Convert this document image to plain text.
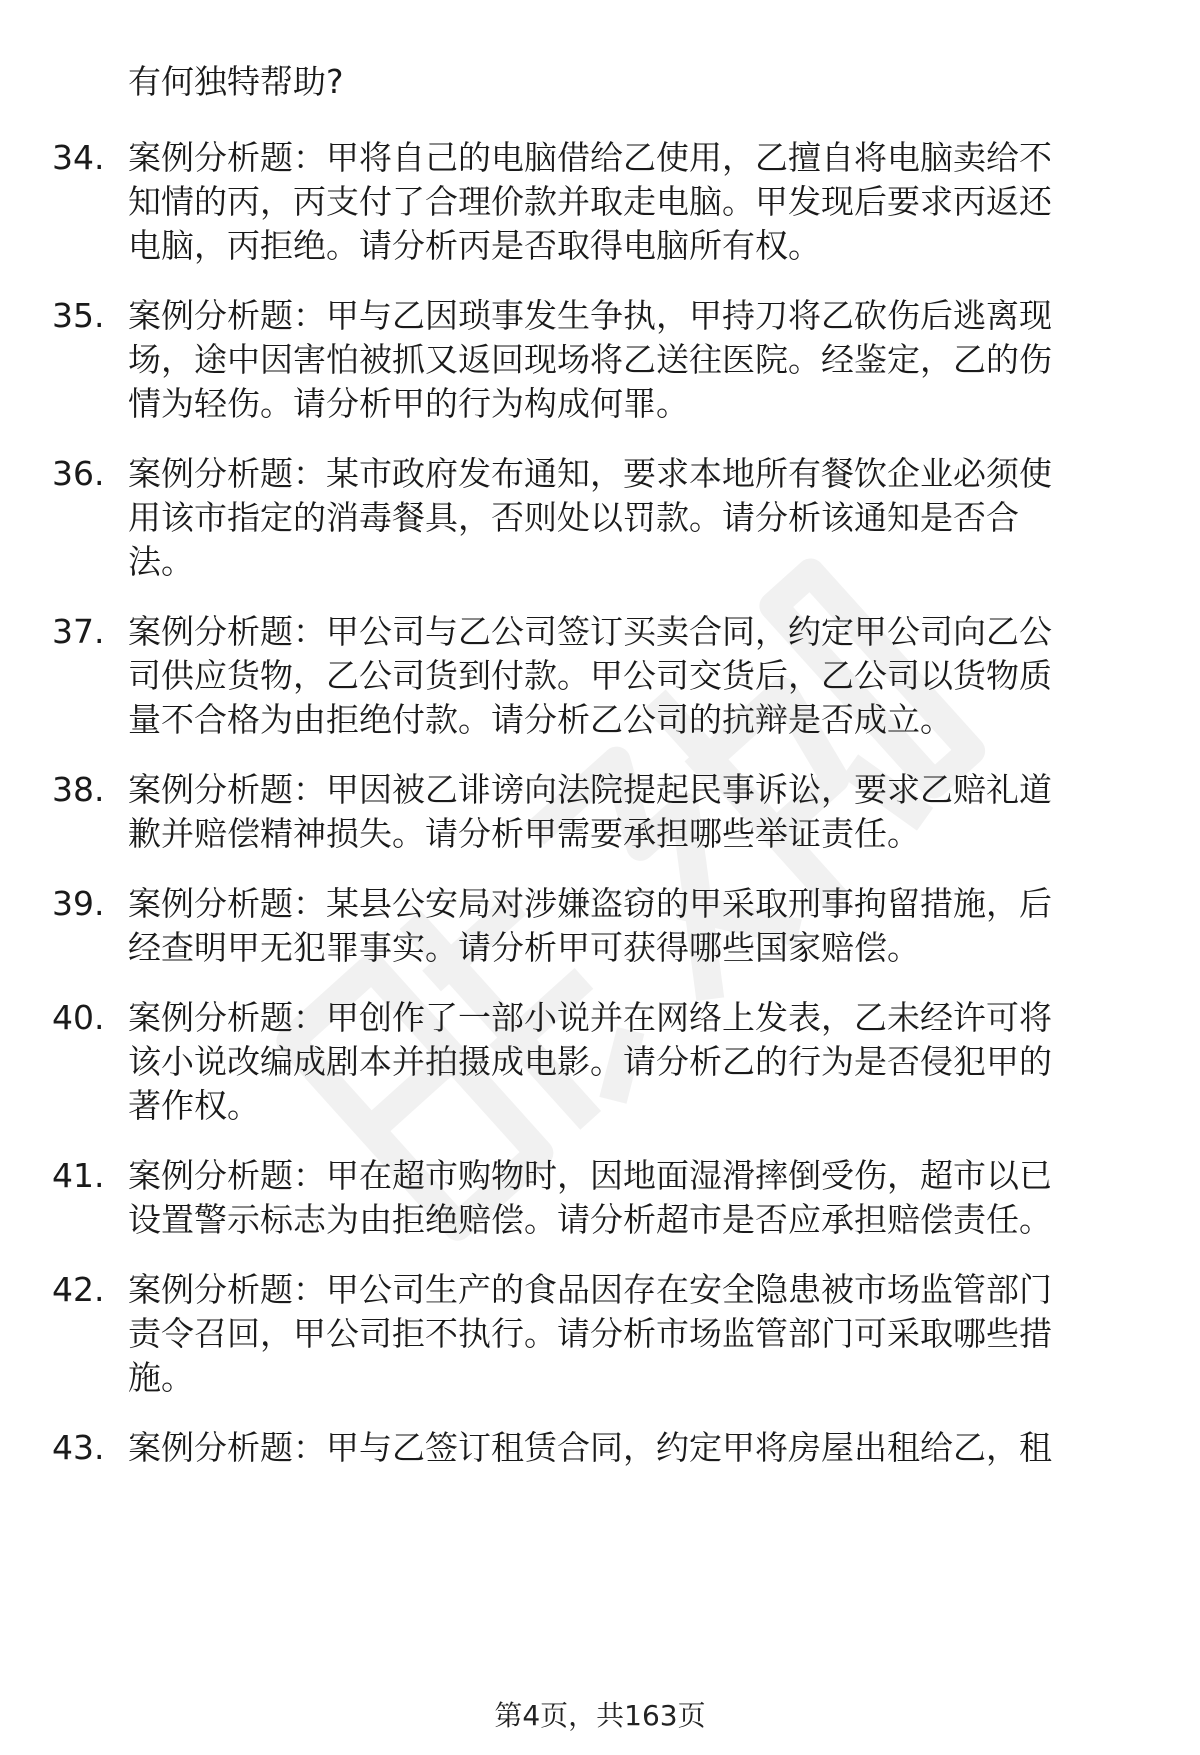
有何独特帮助?
34. 案例分析题：甲将自己的电脑借给乙使用，乙擅自将电脑卖给不
知情的丙，丙支付了合理价款并取走电脑。甲发现后要求丙返还
电脑，丙拒绝。请分析丙是否取得电脑所有权。
35. 案例分析题：甲与乙因琐事发生争执，甲持刀将乙砍伤后逃离现
场，途中因害怕被抓又返回现场将乙送往医院。经鉴定，乙的伤
情为轻伤。请分析甲的行为构成何罪。
36. 案例分析题：某市政府发布通知，要求本地所有餐饮企业必须使
用该市指定的消毒餐具，否则处以罚款。请分析该通知是否合
法。
37. 案例分析题：甲公司与乙公司签订买卖合同，约定甲公司向乙公
司供应货物，乙公司货到付款。甲公司交货后，乙公司以货物质
量不合格为由拒绝付款。请分析乙公司的抗辩是否成立。
38. 案例分析题：甲因被乙诽谤向法院提起民事诉讼，要求乙赔礼道
歉并赔偿精神损失。请分析甲需要承担哪些举证责任。
39. 案例分析题：某县公安局对涉嫌盗窃的甲采取刑事拘留措施，后
经查明甲无犯罪事实。请分析甲可获得哪些国家赔偿。
40. 案例分析题：甲创作了一部小说并在网络上发表，乙未经许可将
该小说改编成剧本并拍摄成电影。请分析乙的行为是否侵犯甲的
著作权。
41. 案例分析题：甲在超市购物时，因地面湿滑摔倒受伤，超市以已
设置警示标志为由拒绝赔偿。请分析超市是否应承担赔偿责任。
42. 案例分析题：甲公司生产的食品因存在安全隐患被市场监管部门
责令召回，甲公司拒不执行。请分析市场监管部门可采取哪些措
施。
43. 案例分析题：甲与乙签订租赁合同，约定甲将房屋出租给乙，租
第4页，共163页
